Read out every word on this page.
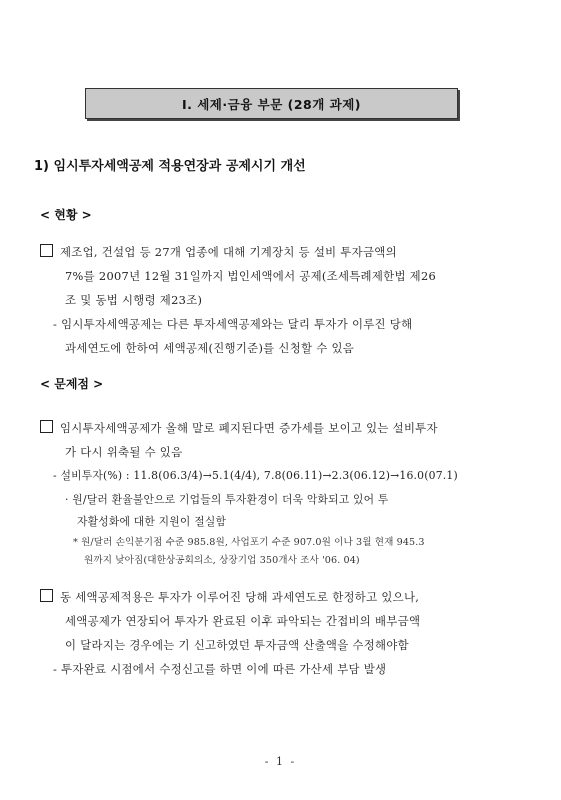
Ⅰ. 세제·금융 부문 (28개 과제)
1) 임시투자세액공제 적용연장과 공제시기 개선
< 현황 >
제조업, 건설업 등 27개 업종에 대해 기계장치 등 설비 투자금액의
7%를 2007년 12월 31일까지 법인세액에서 공제(조세특례제한법 제26
조 및 동법 시행령 제23조)
- 임시투자세액공제는 다른 투자세액공제와는 달리 투자가 이루진 당해
과세연도에 한하여 세액공제(진행기준)를 신청할 수 있음
< 문제점 >
임시투자세액공제가 올해 말로 폐지된다면 증가세를 보이고 있는 설비투자
가 다시 위축될 수 있음
- 설비투자(%) : 11.8(06.3/4)→5.1(4/4), 7.8(06.11)→2.3(06.12)→16.0(07.1)
· 원/달러 환율불안으로 기업들의 투자환경이 더욱 악화되고 있어 투
자활성화에 대한 지원이 절실함
* 원/달러 손익분기점 수준 985.8원, 사업포기 수준 907.0원 이나 3월 현재 945.3
원까지 낮아짐(대한상공회의소, 상장기업 350개사 조사 '06. 04)
동 세액공제적용은 투자가 이루어진 당해 과세연도로 한정하고 있으나,
세액공제가 연장되어 투자가 완료된 이후 파악되는 간접비의 배부금액
이 달라지는 경우에는 기 신고하였던 투자금액 산출액을 수정해야함
- 투자완료 시점에서 수정신고를 하면 이에 따른 가산세 부담 발생
- 1 -
